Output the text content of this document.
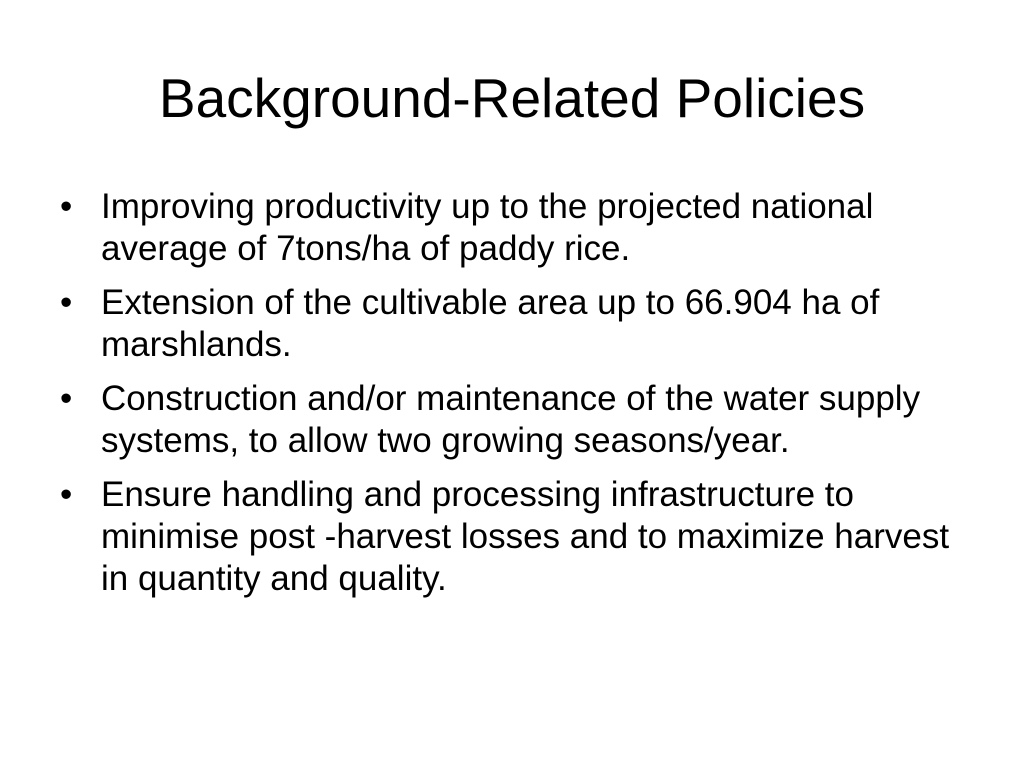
Background-Related Policies
• Improving productivity up to the projected national average of 7tons/ha of paddy rice.
• Extension of the cultivable area up to 66.904 ha of marshlands.
• Construction and/or maintenance of the water supply systems, to allow two growing seasons/year.
• Ensure handling and processing infrastructure to minimise post -harvest losses and to maximize harvest in quantity and quality.
